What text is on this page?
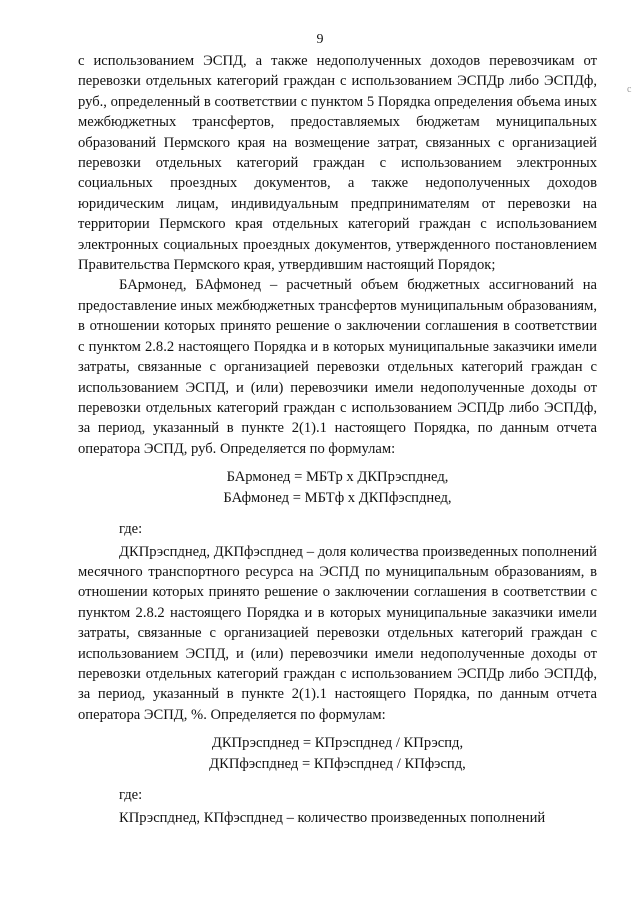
9
c

с использованием ЭСПД, а также недополученных доходов перевозчикам от перевозки отдельных категорий граждан с использованием ЭСПДр либо ЭСПДф, руб., определенный в соответствии с пунктом 5 Порядка определения объема иных межбюджетных трансфертов, предоставляемых бюджетам муниципальных образований Пермского края на возмещение затрат, связанных с организацией перевозки отдельных категорий граждан с использованием электронных социальных проездных документов, а также недополученных доходов юридическим лицам, индивидуальным предпринимателям от перевозки на территории Пермского края отдельных категорий граждан с использованием электронных социальных проездных документов, утвержденного постановлением Правительства Пермского края, утвердившим настоящий Порядок;

БАрмонед, БАфмонед – расчетный объем бюджетных ассигнований на предоставление иных межбюджетных трансфертов муниципальным образованиям, в отношении которых принято решение о заключении соглашения в соответствии с пунктом 2.8.2 настоящего Порядка и в которых муниципальные заказчики имели затраты, связанные с организацией перевозки отдельных категорий граждан с использованием ЭСПД, и (или) перевозчики имели недополученные доходы от перевозки отдельных категорий граждан с использованием ЭСПДр либо ЭСПДф, за период, указанный в пункте 2(1).1 настоящего Порядка, по данным отчета оператора ЭСПД, руб. Определяется по формулам:

БАрмонед = МБТр х ДКПрэспднед,
БАфмонед = МБТф х ДКПфэспднед,

где:

ДКПрэспднед, ДКПфэспднед – доля количества произведенных пополнений месячного транспортного ресурса на ЭСПД по муниципальным образованиям, в отношении которых принято решение о заключении соглашения в соответствии с пунктом 2.8.2 настоящего Порядка и в которых муниципальные заказчики имели затраты, связанные с организацией перевозки отдельных категорий граждан с использованием ЭСПД, и (или) перевозчики имели недополученные доходы от перевозки отдельных категорий граждан с использованием ЭСПДр либо ЭСПДф, за период, указанный в пункте 2(1).1 настоящего Порядка, по данным отчета оператора ЭСПД, %. Определяется по формулам:

ДКПрэспднед = КПрэспднед / КПрэспд,
ДКПфэспднед = КПфэспднед / КПфэспд,

где:

КПрэспднед, КПфэспднед – количество произведенных пополнений
